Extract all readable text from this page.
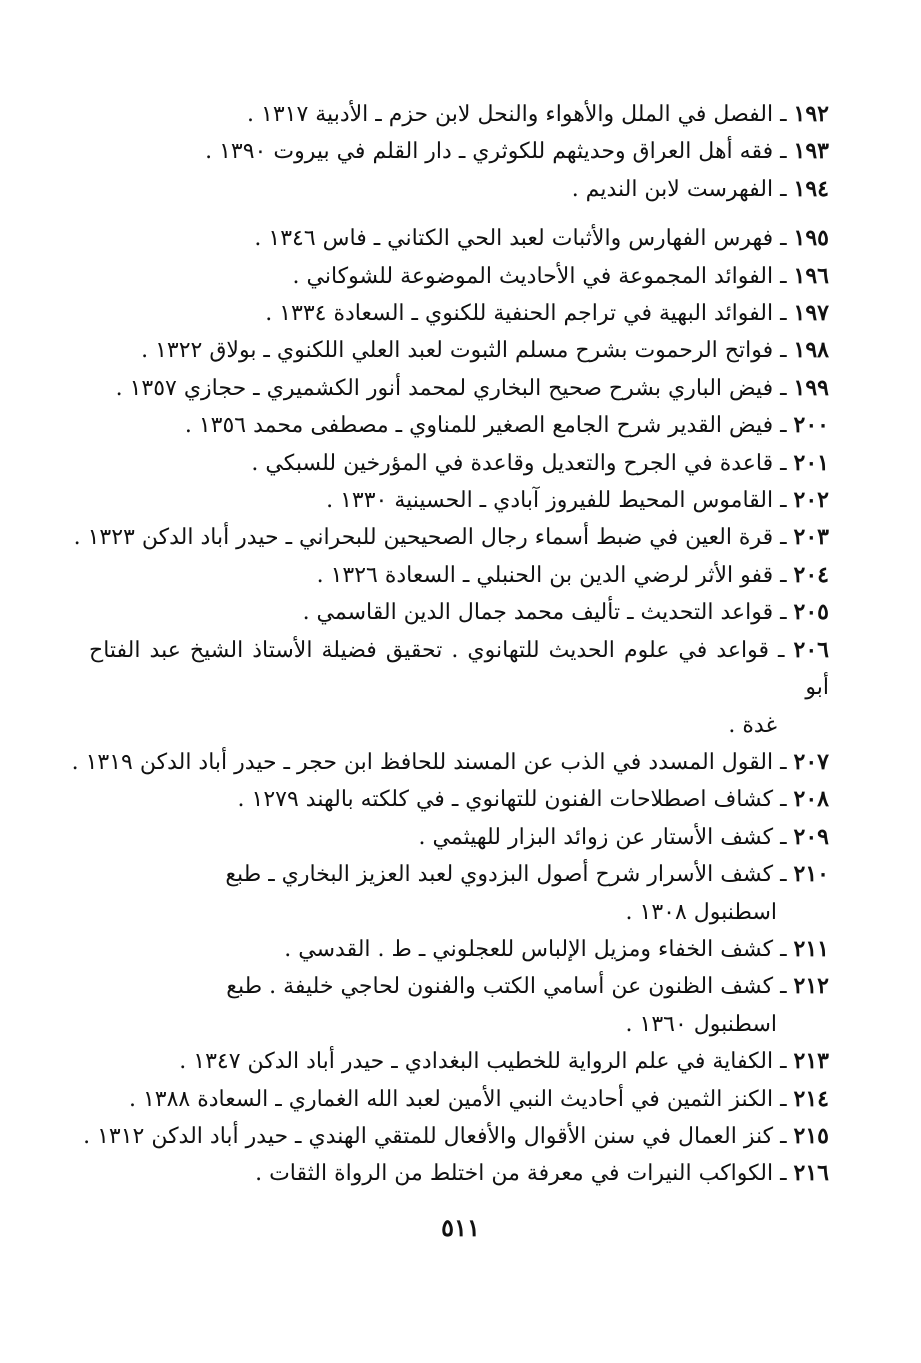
١٩٢ ـ الفصل في الملل والأهواء والنحل لابن حزم ـ الأدبية ١٣١٧ .
١٩٣ ـ فقه أهل العراق وحديثهم للكوثري ـ دار القلم في بيروت ١٣٩٠ .
١٩٤ ـ الفهرست لابن النديم .
١٩٥ ـ فهرس الفهارس والأثبات لعبد الحي الكتاني ـ فاس ١٣٤٦ .
١٩٦ ـ الفوائد المجموعة في الأحاديث الموضوعة للشوكاني .
١٩٧ ـ الفوائد البهية في تراجم الحنفية للكنوي ـ السعادة ١٣٣٤ .
١٩٨ ـ فواتح الرحموت بشرح مسلم الثبوت لعبد العلي اللكنوي ـ بولاق ١٣٢٢ .
١٩٩ ـ فيض الباري بشرح صحيح البخاري لمحمد أنور الكشميري ـ حجازي ١٣٥٧ .
٢٠٠ ـ فيض القدير شرح الجامع الصغير للمناوي ـ مصطفى محمد ١٣٥٦ .
٢٠١ ـ قاعدة في الجرح والتعديل وقاعدة في المؤرخين للسبكي .
٢٠٢ ـ القاموس المحيط للفيروز آبادي ـ الحسينية ١٣٣٠ .
٢٠٣ ـ قرة العين في ضبط أسماء رجال الصحيحين للبحراني ـ حيدر أباد الدكن ١٣٢٣ .
٢٠٤ ـ قفو الأثر لرضي الدين بن الحنبلي ـ السعادة ١٣٢٦ .
٢٠٥ ـ قواعد التحديث ـ تأليف محمد جمال الدين القاسمي .
٢٠٦ ـ قواعد في علوم الحديث للتهانوي . تحقيق فضيلة الأستاذ الشيخ عبد الفتاح أبو
غدة .
٢٠٧ ـ القول المسدد في الذب عن المسند للحافظ ابن حجر ـ حيدر أباد الدكن ١٣١٩ .
٢٠٨ ـ كشاف اصطلاحات الفنون للتهانوي ـ في كلكته بالهند ١٢٧٩ .
٢٠٩ ـ كشف الأستار عن زوائد البزار للهيثمي .
٢١٠ ـ كشف الأسرار شرح أصول البزدوي لعبد العزيز البخاري ـ طبع
اسطنبول ١٣٠٨ .
٢١١ ـ كشف الخفاء ومزيل الإلباس للعجلوني ـ ط . القدسي .
٢١٢ ـ كشف الظنون عن أسامي الكتب والفنون لحاجي خليفة . طبع
اسطنبول ١٣٦٠ .
٢١٣ ـ الكفاية في علم الرواية للخطيب البغدادي ـ حيدر أباد الدكن ١٣٤٧ .
٢١٤ ـ الكنز الثمين في أحاديث النبي الأمين لعبد الله الغماري ـ السعادة ١٣٨٨ .
٢١٥ ـ كنز العمال في سنن الأقوال والأفعال للمتقي الهندي ـ حيدر أباد الدكن ١٣١٢ .
٢١٦ ـ الكواكب النيرات في معرفة من اختلط من الرواة الثقات .
٥١١
